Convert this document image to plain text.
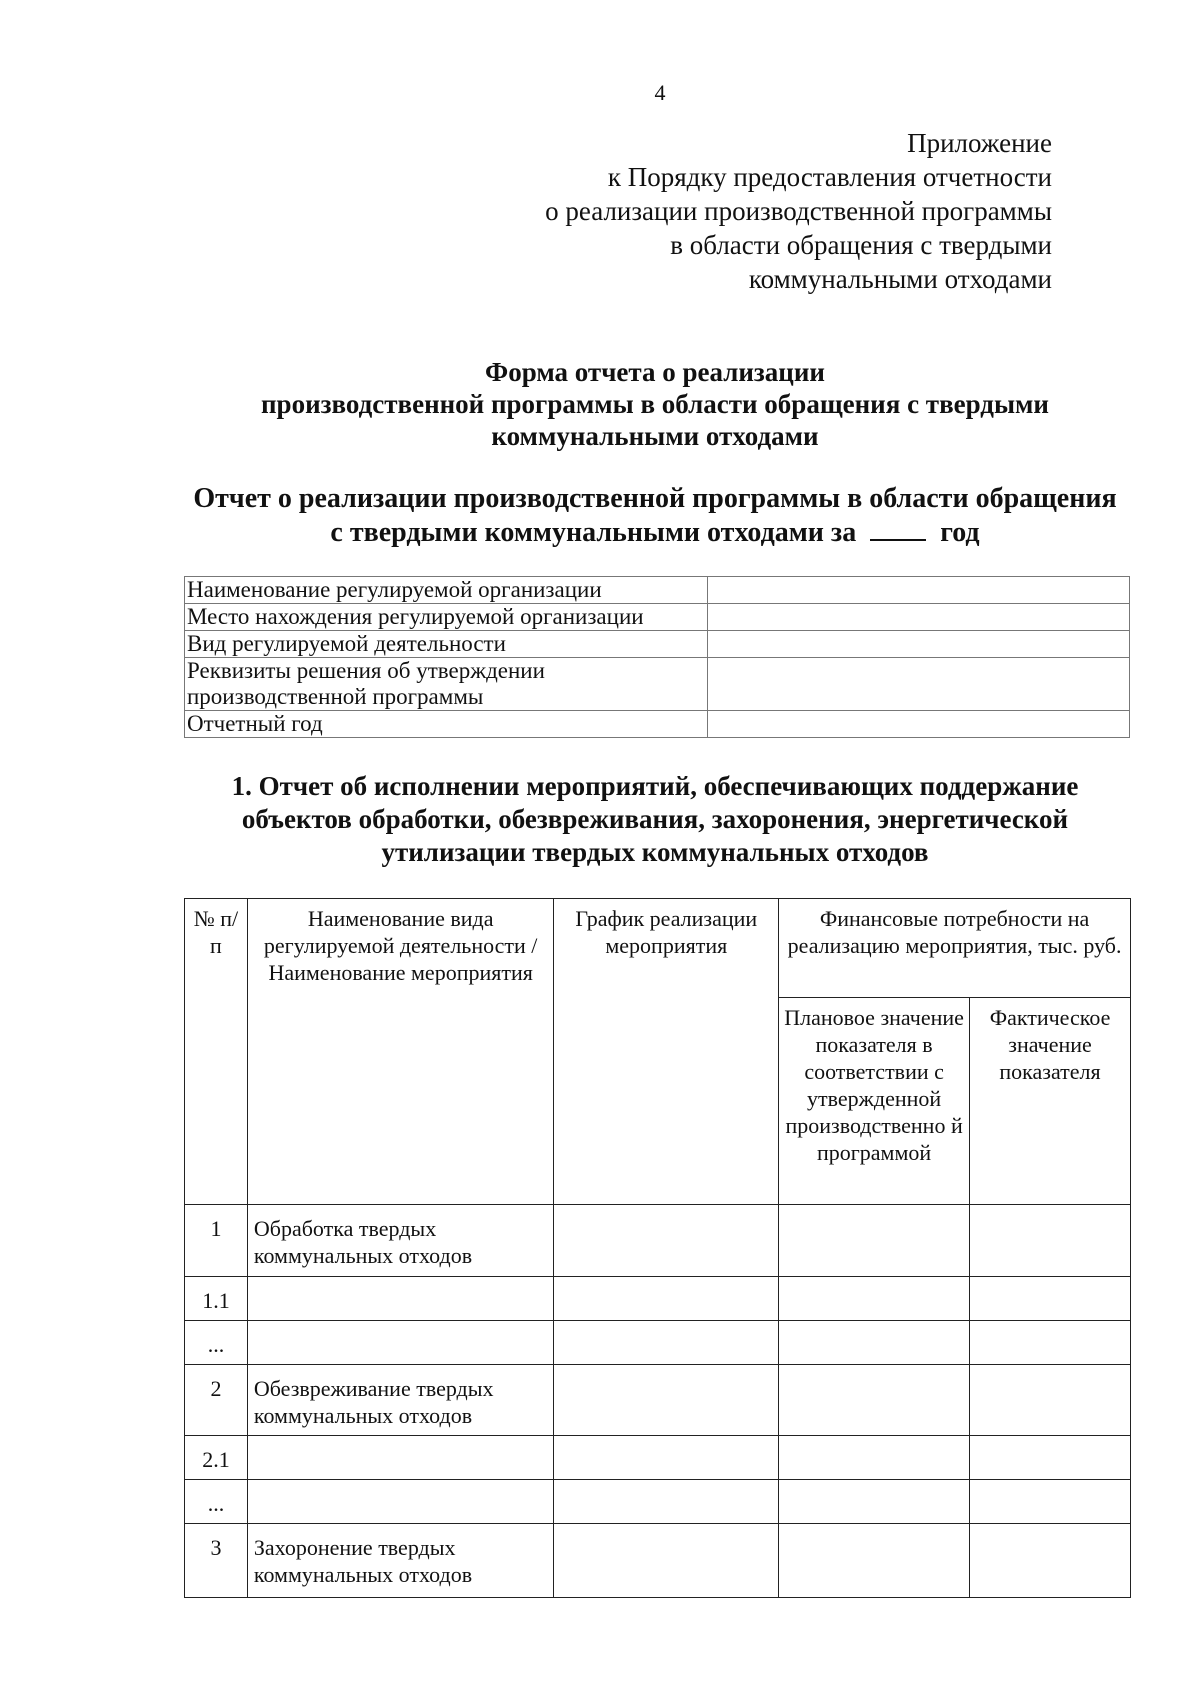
4
Приложение
к Порядку предоставления отчетности
о реализации производственной программы
в области обращения с твердыми
коммунальными отходами
Форма отчета о реализации
производственной программы в области обращения с твердыми
коммунальными отходами
Отчет о реализации производственной программы в области обращения
с твердыми коммунальными отходами за	год
Наименование регулируемой организации	
Место нахождения регулируемой организации	
Вид регулируемой деятельности	
Реквизиты решения об утверждении производственной программы	
Отчетный год	
1. Отчет об исполнении мероприятий, обеспечивающих поддержание
объектов обработки, обезвреживания, захоронения, энергетической
утилизации твердых коммунальных отходов
№ п/п	Наименование вида регулируемой деятельности / Наименование мероприятия	График реализации мероприятия	Финансовые потребности на реализацию мероприятия, тыс. руб.	
			Плановое значение показателя в соответствии с утвержденной производственно й программой	Фактическое значение показателя
1	Обработка твердых коммунальных отходов			
1.1				
...				
2	Обезвреживание твердых коммунальных отходов			
2.1				
...				
3	Захоронение твердых коммунальных отходов			
